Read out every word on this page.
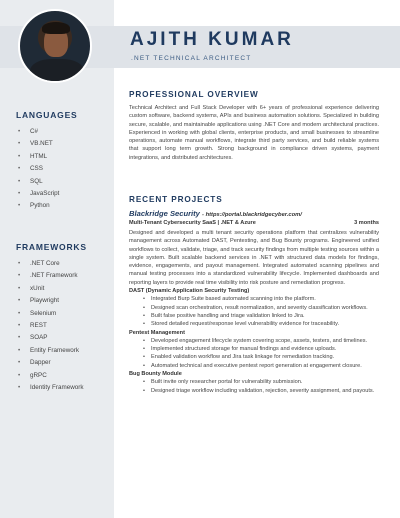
AJITH KUMAR
.NET TECHNICAL ARCHITECT
LANGUAGES
• C#
• VB.NET
• HTML
• CSS
• SQL
• JavaScript
• Python
FRAMEWORKS
• .NET Core
• .NET Framework
• xUnit
• Playwright
• Selenium
• REST
• SOAP
• Entity Framework
• Dapper
• gRPC
• Identity Framework
PROFESSIONAL OVERVIEW
Technical Architect and Full Stack Developer with 6+ years of professional experience delivering custom software, backend systems, APIs and business automation solutions. Specialized in building secure, scalable, and maintainable applications using .NET Core and modern architectural practices. Experienced in working with global clients, enterprise products, and small businesses to streamline operations, automate manual workflows, integrate third party services, and build reliable systems that support long term growth. Strong background in compliance driven systems, payment integrations, and distributed architectures.
RECENT PROJECTS
Blackridge Security - https://portal.blackridgecyber.com/
Multi-Tenant Cybersecurity SaaS | .NET & Azure	3 months
Designed and developed a multi tenant security operations platform that centralizes vulnerability management across Automated DAST, Pentesting, and Bug Bounty programs. Engineered unified workflows to collect, validate, triage, and track security findings from multiple testing sources within a single system. Built scalable backend services in .NET with structured data models for findings, evidence, engagements, and payout management. Integrated automated scanning pipelines and manual testing processes into a standardized vulnerability lifecycle. Implemented dashboards and reporting layers to provide real time visibility into risk posture and remediation progress.
DAST (Dynamic Application Security Testing)
• Integrated Burp Suite based automated scanning into the platform.
• Designed scan orchestration, result normalization, and severity classification workflows.
• Built false positive handling and triage validation linked to Jira.
• Stored detailed request/response level vulnerability evidence for traceability.
Pentest Management
• Developed engagement lifecycle system covering scope, assets, testers, and timelines.
• Implemented structured storage for manual findings and evidence uploads.
• Enabled validation workflow and Jira task linkage for remediation tracking.
• Automated technical and executive pentest report generation at engagement closure.
Bug Bounty Module
• Built invite only researcher portal for vulnerability submission.
• Designed triage workflow including validation, rejection, severity assignment, and payouts.
